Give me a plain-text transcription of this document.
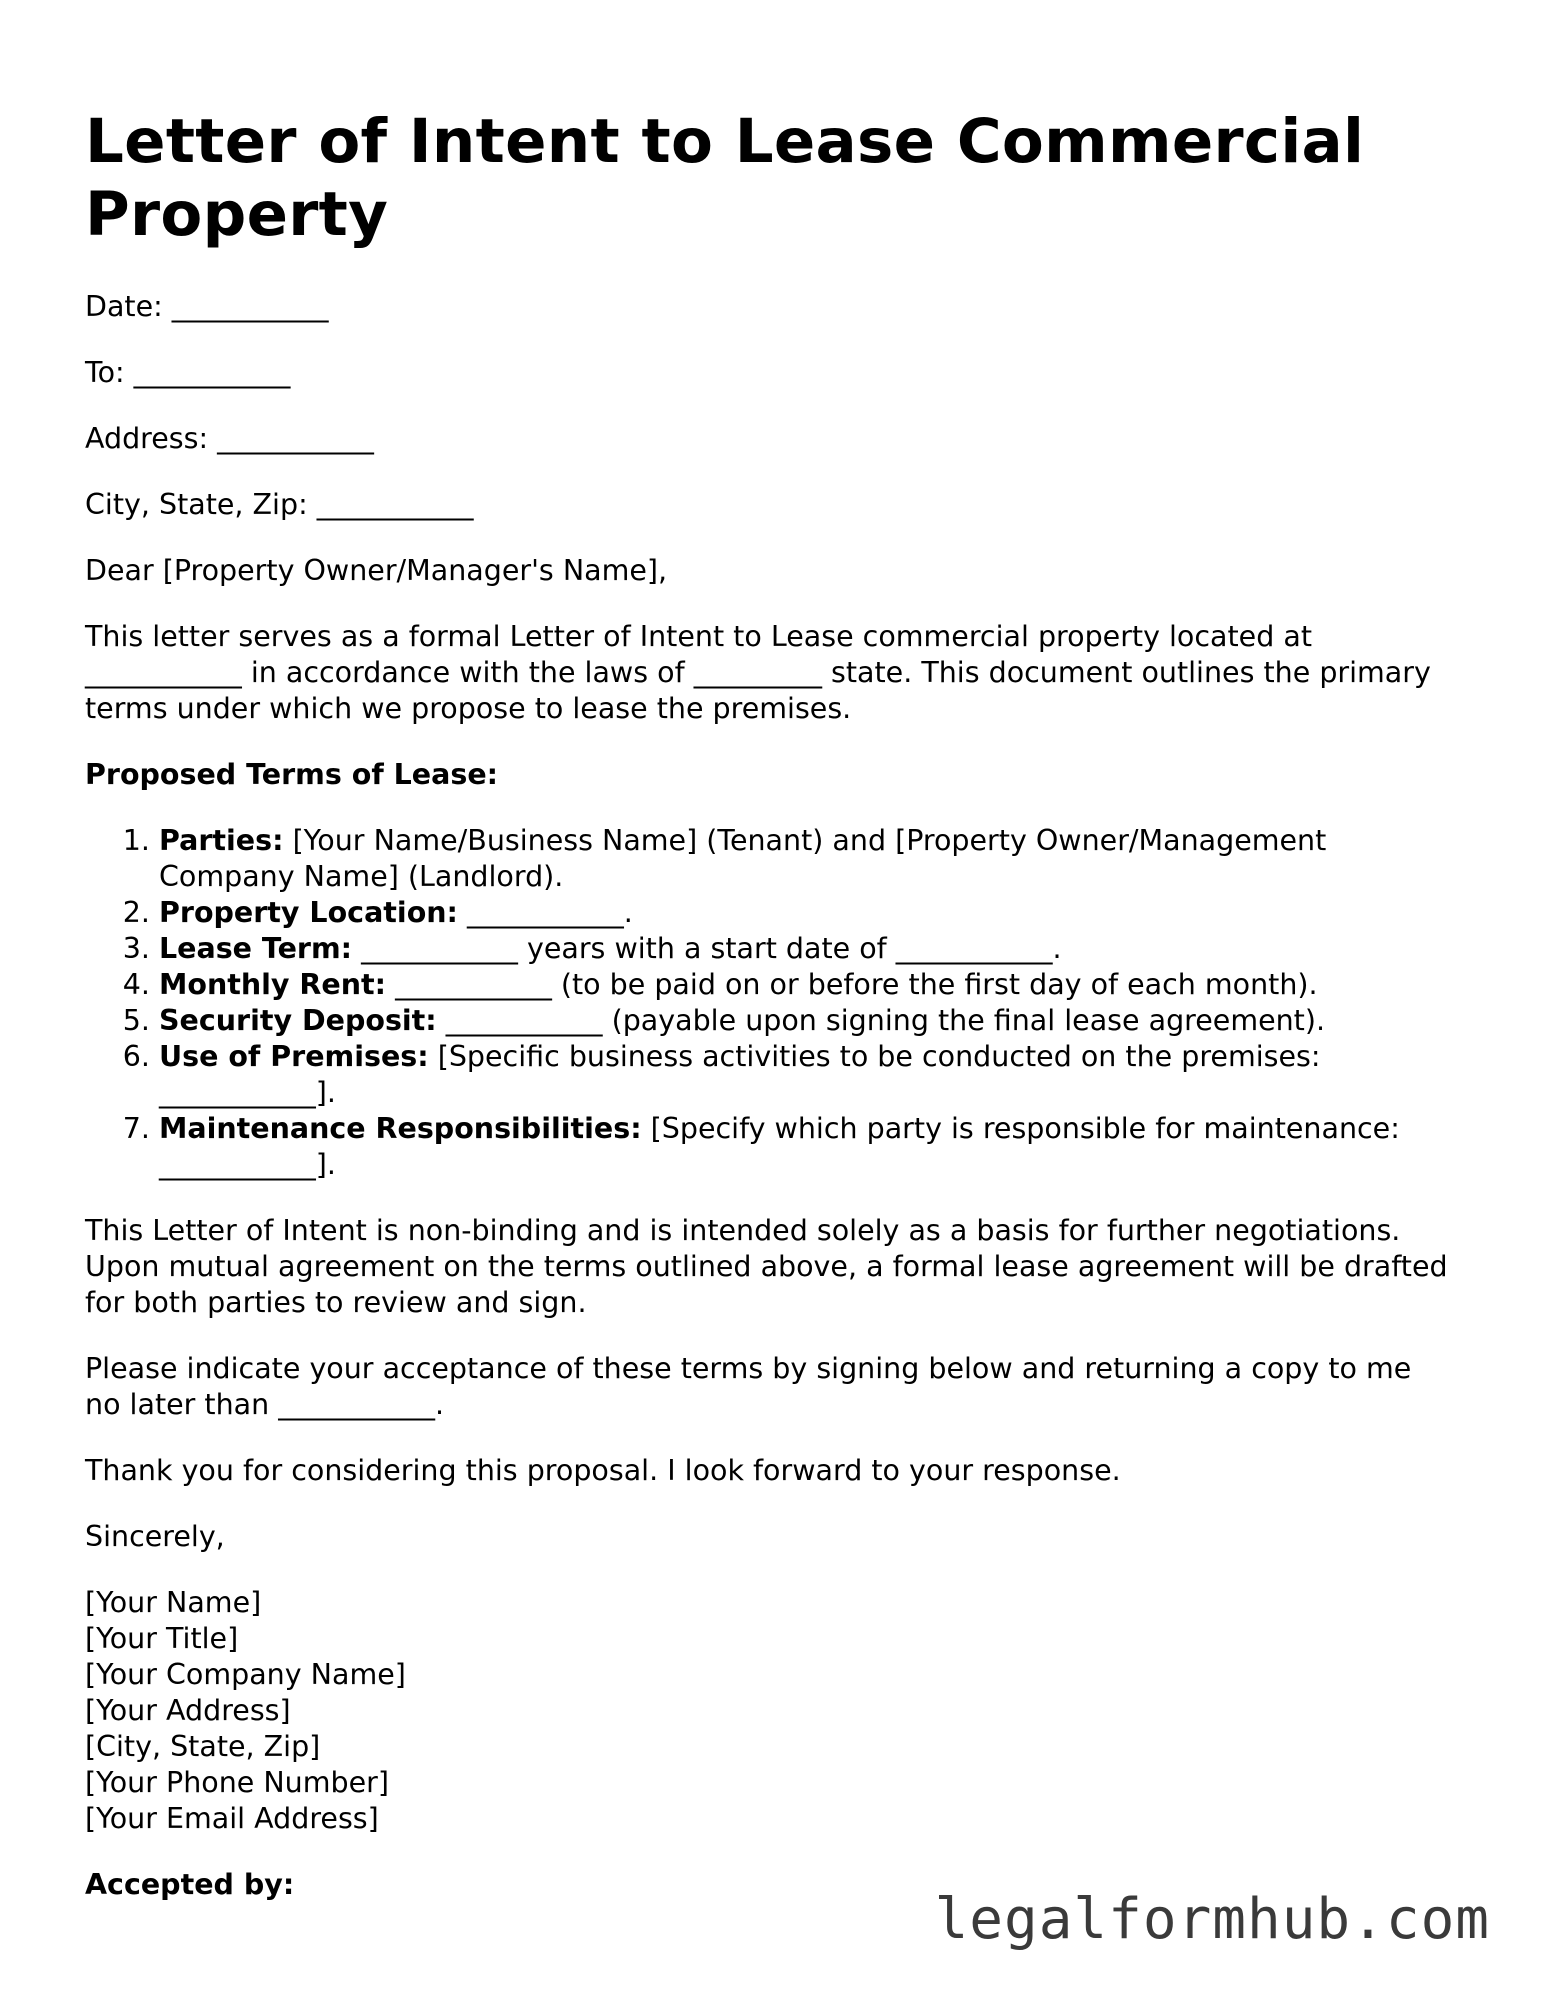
Letter of Intent to Lease Commercial Property
Date: ___________
To: ___________
Address: ___________
City, State, Zip: ___________

Dear [Property Owner/Manager's Name],

This letter serves as a formal Letter of Intent to Lease commercial property located at ___________ in accordance with the laws of _________ state. This document outlines the primary terms under which we propose to lease the premises.

Proposed Terms of Lease:
1. Parties: [Your Name/Business Name] (Tenant) and [Property Owner/Management Company Name] (Landlord).
2. Property Location: ___________.
3. Lease Term: ___________ years with a start date of ___________.
4. Monthly Rent: ___________ (to be paid on or before the first day of each month).
5. Security Deposit: ___________ (payable upon signing the final lease agreement).
6. Use of Premises: [Specific business activities to be conducted on the premises: ___________].
7. Maintenance Responsibilities: [Specify which party is responsible for maintenance: ___________].

This Letter of Intent is non-binding and is intended solely as a basis for further negotiations. Upon mutual agreement on the terms outlined above, a formal lease agreement will be drafted for both parties to review and sign.

Please indicate your acceptance of these terms by signing below and returning a copy to me no later than ___________.

Thank you for considering this proposal. I look forward to your response.

Sincerely,

[Your Name]
[Your Title]
[Your Company Name]
[Your Address]
[City, State, Zip]
[Your Phone Number]
[Your Email Address]
Accepted by:
legalformhub.com
